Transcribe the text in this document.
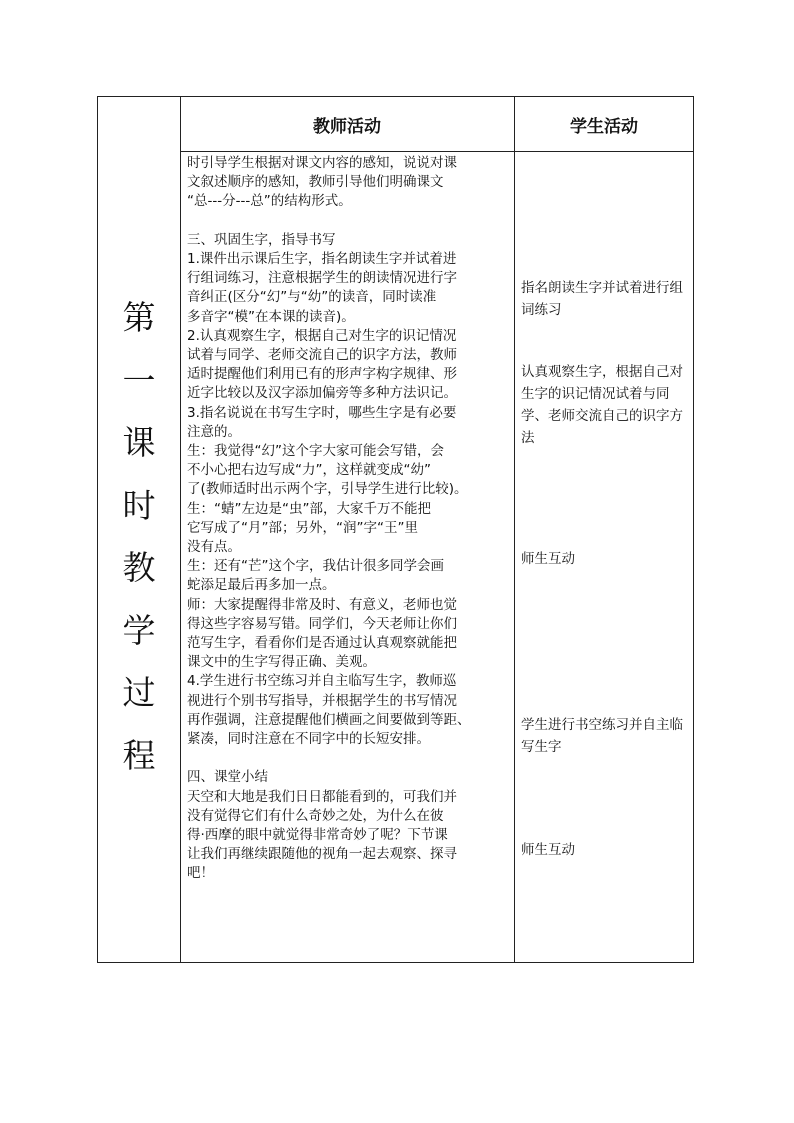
第
一
课
时
教
学
过
程
教师活动	学生活动

时引导学生根据对课文内容的感知，说说对课

文叙述顺序的感知，教师引导他们明确课文

“总---分---总”的结构形式。

三、巩固生字，指导书写

1.课件出示课后生字，指名朗读生字并试着进

行组词练习，注意根据学生的朗读情况进行字

音纠正(区分“幻”与“幼”的读音，同时读准

多音字“模”在本课的读音)。

2.认真观察生字，根据自己对生字的识记情况

试着与同学、老师交流自己的识字方法，教师

适时提醒他们利用已有的形声字构字规律、形

近字比较以及汉字添加偏旁等多种方法识记。

3.指名说说在书写生字时，哪些生字是有必要

注意的。

生：我觉得“幻”这个字大家可能会写错，会

不小心把右边写成“力”，这样就变成“幼”

了(教师适时出示两个字，引导学生进行比较)。

生：“蜻”左边是“虫”部，大家千万不能把

它写成了“月”部；另外，“润”字“王”里

没有点。

生：还有“芒”这个字，我估计很多同学会画

蛇添足最后再多加一点。

师：大家提醒得非常及时、有意义，老师也觉

得这些字容易写错。同学们，今天老师让你们

范写生字，看看你们是否通过认真观察就能把

课文中的生字写得正确、美观。

4.学生进行书空练习并自主临写生字，教师巡

视进行个别书写指导，并根据学生的书写情况

再作强调，注意提醒他们横画之间要做到等距、

紧凑，同时注意在不同字中的长短安排。

四、课堂小结

天空和大地是我们日日都能看到的，可我们并

没有觉得它们有什么奇妙之处，为什么在彼

得·西摩的眼中就觉得非常奇妙了呢？下节课

让我们再继续跟随他的视角一起去观察、探寻

吧！

指名朗读生字并试着进行组词练习
认真观察生字，根据自己对生字的识记情况试着与同学、老师交流自己的识字方法
师生互动
学生进行书空练习并自主临写生字
师生互动
